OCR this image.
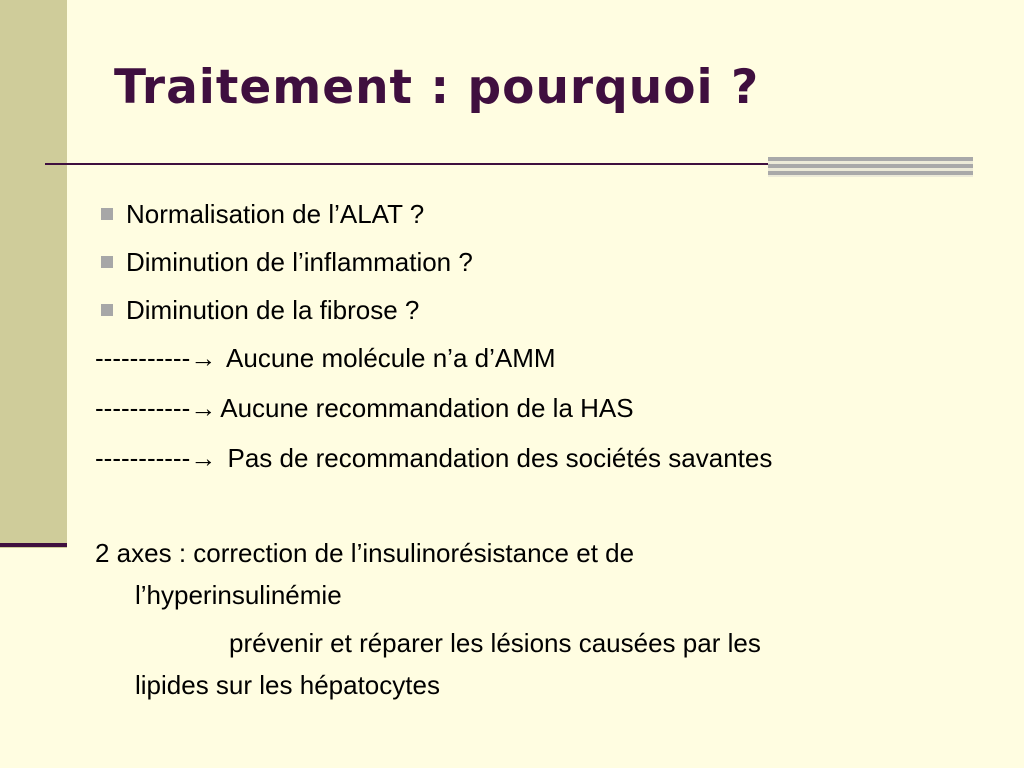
Traitement : pourquoi ?
Normalisation de l’ALAT ?
Diminution de l’inflammation ?
Diminution de la fibrose ?
-----------→ Aucune molécule n’a d’AMM
-----------→ Aucune recommandation de la HAS
-----------→ Pas de recommandation des sociétés savantes
2 axes : correction de l’insulinorésistance et de
l’hyperinsulinémie
prévenir et réparer les lésions causées par les
lipides sur les hépatocytes
